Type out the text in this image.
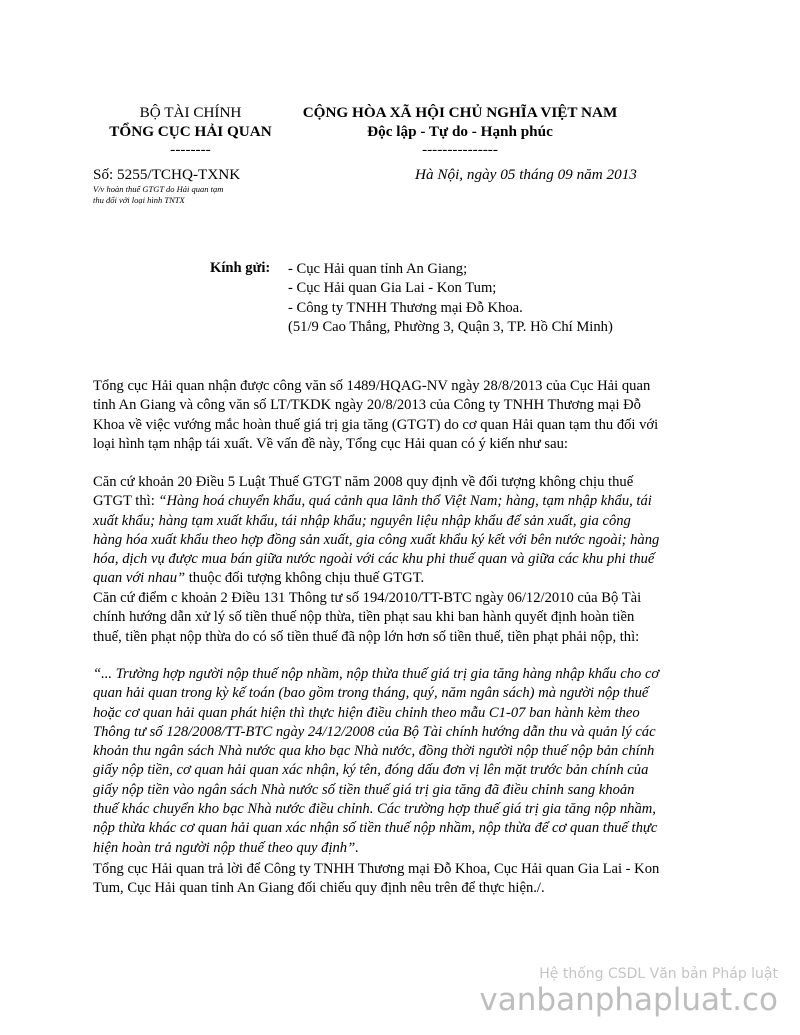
BỘ TÀI CHÍNH
TỔNG CỤC HẢI QUAN
--------
CỘNG HÒA XÃ HỘI CHỦ NGHĨA VIỆT NAM
Độc lập - Tự do - Hạnh phúc
---------------
Số: 5255/TCHQ-TXNK
V/v hoàn thuế GTGT do Hải quan tạm
thu đổi với loại hình TNTX
Hà Nội, ngày 05 tháng 09 năm 2013
Kính gửi: - Cục Hải quan tỉnh An Giang;
- Cục Hải quan Gia Lai - Kon Tum;
- Công ty TNHH Thương mại Đỗ Khoa.
(51/9 Cao Thắng, Phường 3, Quận 3, TP. Hồ Chí Minh)
Tổng cục Hải quan nhận được công văn số 1489/HQAG-NV ngày 28/8/2013 của Cục Hải quan
tỉnh An Giang và công văn số LT/TKDK ngày 20/8/2013 của Công ty TNHH Thương mại Đỗ
Khoa về việc vướng mắc hoàn thuế giá trị gia tăng (GTGT) do cơ quan Hải quan tạm thu đối với
loại hình tạm nhập tái xuất. Về vấn đề này, Tổng cục Hải quan có ý kiến như sau:
Căn cứ khoản 20 Điều 5 Luật Thuế GTGT năm 2008 quy định về đối tượng không chịu thuế
GTGT thì: “Hàng hoá chuyển khẩu, quá cảnh qua lãnh thổ Việt Nam; hàng, tạm nhập khẩu, tái
xuất khẩu; hàng tạm xuất khẩu, tái nhập khẩu; nguyên liệu nhập khẩu để sản xuất, gia công
hàng hóa xuất khẩu theo hợp đồng sản xuất, gia công xuất khẩu ký kết với bên nước ngoài; hàng
hóa, dịch vụ được mua bán giữa nước ngoài với các khu phi thuế quan và giữa các khu phi thuế
quan với nhau” thuộc đối tượng không chịu thuế GTGT.
Căn cứ điểm c khoản 2 Điều 131 Thông tư số 194/2010/TT-BTC ngày 06/12/2010 của Bộ Tài
chính hướng dẫn xử lý số tiền thuế nộp thừa, tiền phạt sau khi ban hành quyết định hoàn tiền
thuế, tiền phạt nộp thừa do có số tiền thuế đã nộp lớn hơn số tiền thuế, tiền phạt phải nộp, thì:
“... Trường hợp người nộp thuế nộp nhầm, nộp thừa thuế giá trị gia tăng hàng nhập khẩu cho cơ
quan hải quan trong kỳ kế toán (bao gồm trong tháng, quý, năm ngân sách) mà người nộp thuế
hoặc cơ quan hải quan phát hiện thì thực hiện điều chỉnh theo mẫu C1-07 ban hành kèm theo
Thông tư số 128/2008/TT-BTC ngày 24/12/2008 của Bộ Tài chính hướng dẫn thu và quản lý các
khoản thu ngân sách Nhà nước qua kho bạc Nhà nước, đồng thời người nộp thuế nộp bản chính
giấy nộp tiền, cơ quan hải quan xác nhận, ký tên, đóng dấu đơn vị lên mặt trước bản chính của
giấy nộp tiền vào ngân sách Nhà nước số tiền thuế giá trị gia tăng đã điều chỉnh sang khoản
thuế khác chuyển kho bạc Nhà nước điều chỉnh. Các trường hợp thuế giá trị gia tăng nộp nhầm,
nộp thừa khác cơ quan hải quan xác nhận số tiền thuế nộp nhầm, nộp thừa để cơ quan thuế thực
hiện hoàn trả người nộp thuế theo quy định”.
Tổng cục Hải quan trả lời để Công ty TNHH Thương mại Đỗ Khoa, Cục Hải quan Gia Lai - Kon
Tum, Cục Hải quan tỉnh An Giang đối chiếu quy định nêu trên để thực hiện./.
Hệ thống CSDL Văn bản Pháp luật
vanbanphapluat.co
